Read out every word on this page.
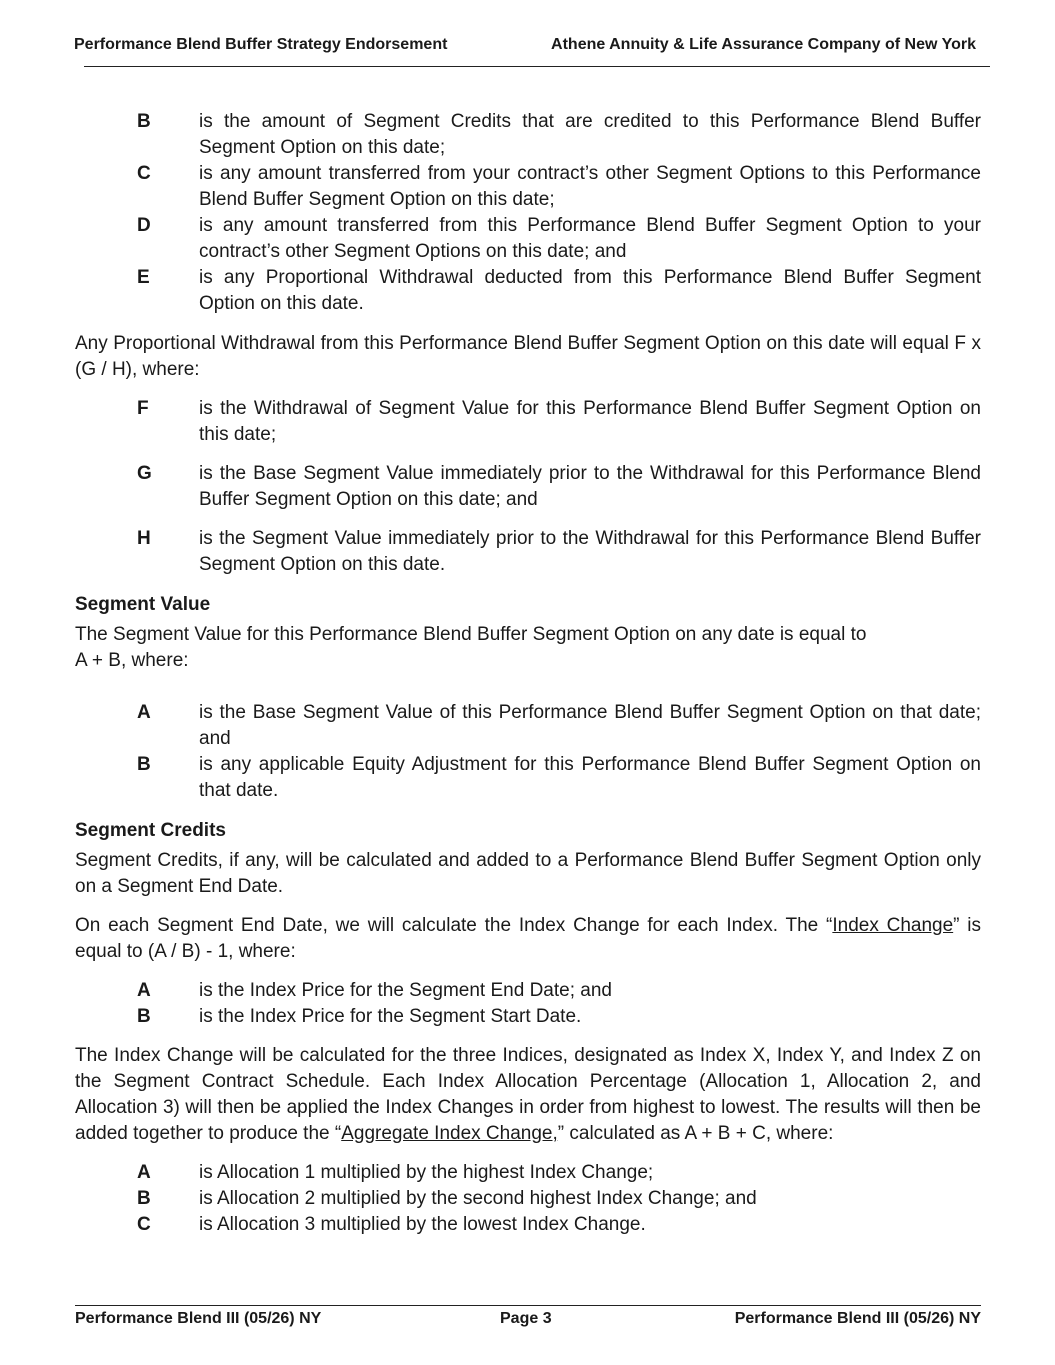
Performance Blend Buffer Strategy Endorsement	Athene Annuity & Life Assurance Company of New York
B	is the amount of Segment Credits that are credited to this Performance Blend Buffer Segment Option on this date;
C	is any amount transferred from your contract’s other Segment Options to this Performance Blend Buffer Segment Option on this date;
D	is any amount transferred from this Performance Blend Buffer Segment Option to your contract’s other Segment Options on this date; and
E	is any Proportional Withdrawal deducted from this Performance Blend Buffer Segment Option on this date.

Any Proportional Withdrawal from this Performance Blend Buffer Segment Option on this date will equal F x (G / H), where:

F	is the Withdrawal of Segment Value for this Performance Blend Buffer Segment Option on this date;
G	is the Base Segment Value immediately prior to the Withdrawal for this Performance Blend Buffer Segment Option on this date; and
H	is the Segment Value immediately prior to the Withdrawal for this Performance Blend Buffer Segment Option on this date.

Segment Value

The Segment Value for this Performance Blend Buffer Segment Option on any date is equal to
A + B, where:

A	is the Base Segment Value of this Performance Blend Buffer Segment Option on that date; and
B	is any applicable Equity Adjustment for this Performance Blend Buffer Segment Option on that date.

Segment Credits

Segment Credits, if any, will be calculated and added to a Performance Blend Buffer Segment Option only on a Segment End Date.

On each Segment End Date, we will calculate the Index Change for each Index. The “Index Change” is equal to (A / B) - 1, where:

A	is the Index Price for the Segment End Date; and
B	is the Index Price for the Segment Start Date.

The Index Change will be calculated for the three Indices, designated as Index X, Index Y, and Index Z on the Segment Contract Schedule. Each Index Allocation Percentage (Allocation 1, Allocation 2, and Allocation 3) will then be applied the Index Changes in order from highest to lowest. The results will then be added together to produce the “Aggregate Index Change,” calculated as A + B + C, where:

A	is Allocation 1 multiplied by the highest Index Change;
B	is Allocation 2 multiplied by the second highest Index Change; and
C	is Allocation 3 multiplied by the lowest Index Change.
Performance Blend III (05/26) NY	Page 3	Performance Blend III (05/26) NY
